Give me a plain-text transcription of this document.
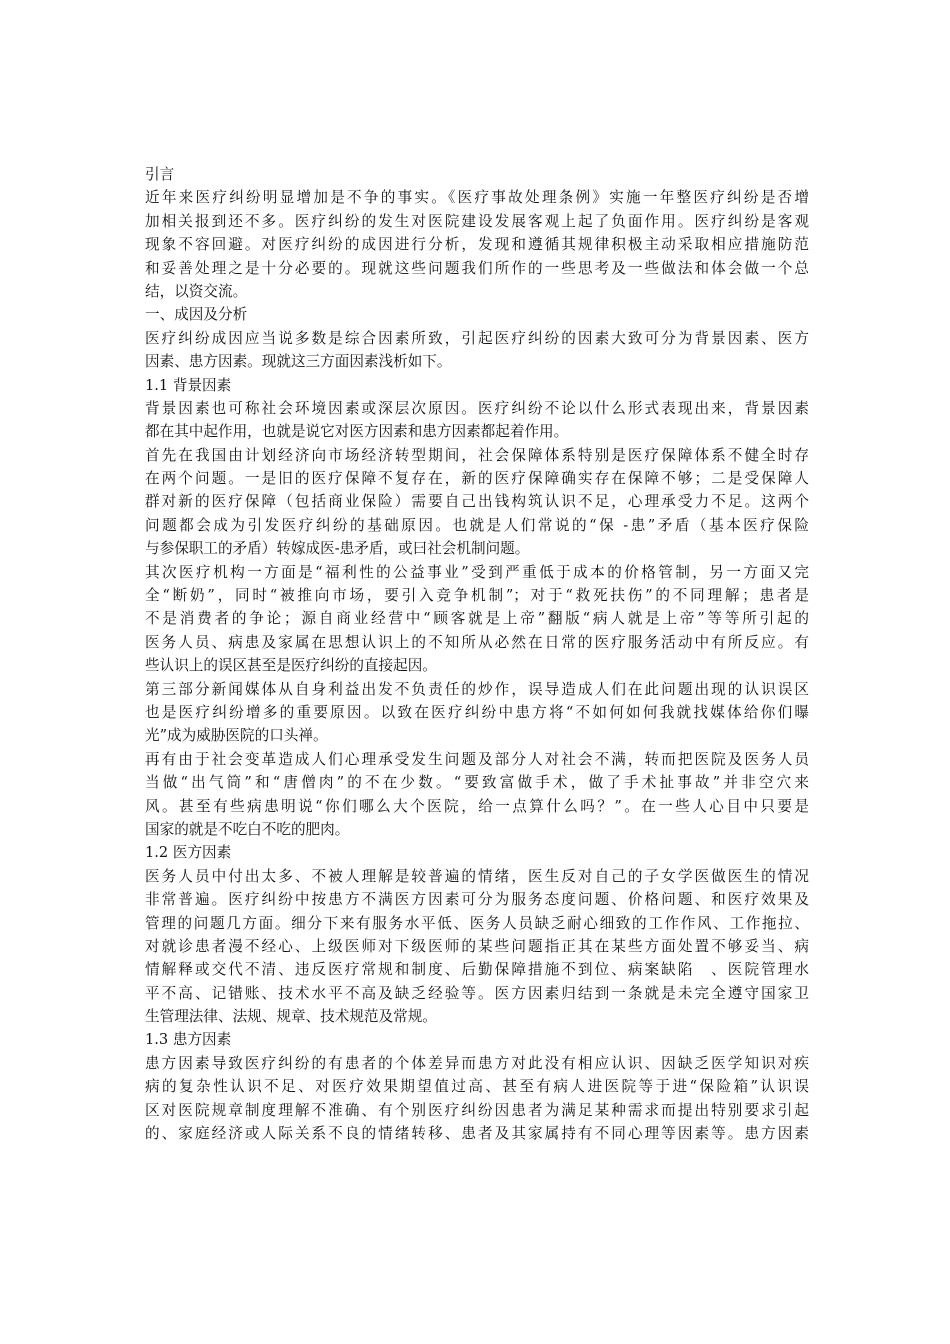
引言
近年来医疗纠纷明显增加是不争的事实。《医疗事故处理条例》实施一年整医疗纠纷是否增
加相关报到还不多。医疗纠纷的发生对医院建设发展客观上起了负面作用。医疗纠纷是客观
现象不容回避。对医疗纠纷的成因进行分析，发现和遵循其规律积极主动采取相应措施防范
和妥善处理之是十分必要的。现就这些问题我们所作的一些思考及一些做法和体会做一个总
结，以资交流。
一、成因及分析
医疗纠纷成因应当说多数是综合因素所致，引起医疗纠纷的因素大致可分为背景因素、医方
因素、患方因素。现就这三方面因素浅析如下。
1.1 背景因素
背景因素也可称社会环境因素或深层次原因。医疗纠纷不论以什么形式表现出来，背景因素
都在其中起作用，也就是说它对医方因素和患方因素都起着作用。
首先在我国由计划经济向市场经济转型期间，社会保障体系特别是医疗保障体系不健全时存
在两个问题。一是旧的医疗保障不复存在，新的医疗保障确实存在保障不够；二是受保障人
群对新的医疗保障（包括商业保险）需要自己出钱构筑认识不足，心理承受力不足。这两个
问题都会成为引发医疗纠纷的基础原因。也就是人们常说的“保 -患”矛盾（基本医疗保险
与参保职工的矛盾）转嫁成医-患矛盾，或曰社会机制问题。
其次医疗机构一方面是“福利性的公益事业”受到严重低于成本的价格管制，另一方面又完
全“断奶”，同时“被推向市场，要引入竞争机制”；对于“救死扶伤”的不同理解；患者是
不是消费者的争论；源自商业经营中“顾客就是上帝”翻版“病人就是上帝”等等所引起的
医务人员、病患及家属在思想认识上的不知所从必然在日常的医疗服务活动中有所反应。有
些认识上的误区甚至是医疗纠纷的直接起因。
第三部分新闻媒体从自身利益出发不负责任的炒作，误导造成人们在此问题出现的认识误区
也是医疗纠纷增多的重要原因。以致在医疗纠纷中患方将“不如何如何我就找媒体给你们曝
光”成为威胁医院的口头禅。
再有由于社会变革造成人们心理承受发生问题及部分人对社会不满，转而把医院及医务人员
当做“出气筒”和“唐僧肉”的不在少数。“要致富做手术，做了手术扯事故”并非空穴来
风。甚至有些病患明说“你们哪么大个医院，给一点算什么吗？”。在一些人心目中只要是
国家的就是不吃白不吃的肥肉。
1.2 医方因素
医务人员中付出太多、不被人理解是较普遍的情绪，医生反对自己的子女学医做医生的情况
非常普遍。医疗纠纷中按患方不满医方因素可分为服务态度问题、价格问题、和医疗效果及
管理的问题几方面。细分下来有服务水平低、医务人员缺乏耐心细致的工作作风、工作拖拉、
对就诊患者漫不经心、上级医师对下级医师的某些问题指正其在某些方面处置不够妥当、病
情解释或交代不清、违反医疗常规和制度、后勤保障措施不到位、病案缺陷　、医院管理水
平不高、记错账、技术水平不高及缺乏经验等。医方因素归结到一条就是未完全遵守国家卫
生管理法律、法规、规章、技术规范及常规。
1.3 患方因素
患方因素导致医疗纠纷的有患者的个体差异而患方对此没有相应认识、因缺乏医学知识对疾
病的复杂性认识不足、对医疗效果期望值过高、甚至有病人进医院等于进“保险箱”认识误
区对医院规章制度理解不准确、有个别医疗纠纷因患者为满足某种需求而提出特别要求引起
的、家庭经济或人际关系不良的情绪转移、患者及其家属持有不同心理等因素等。患方因素
